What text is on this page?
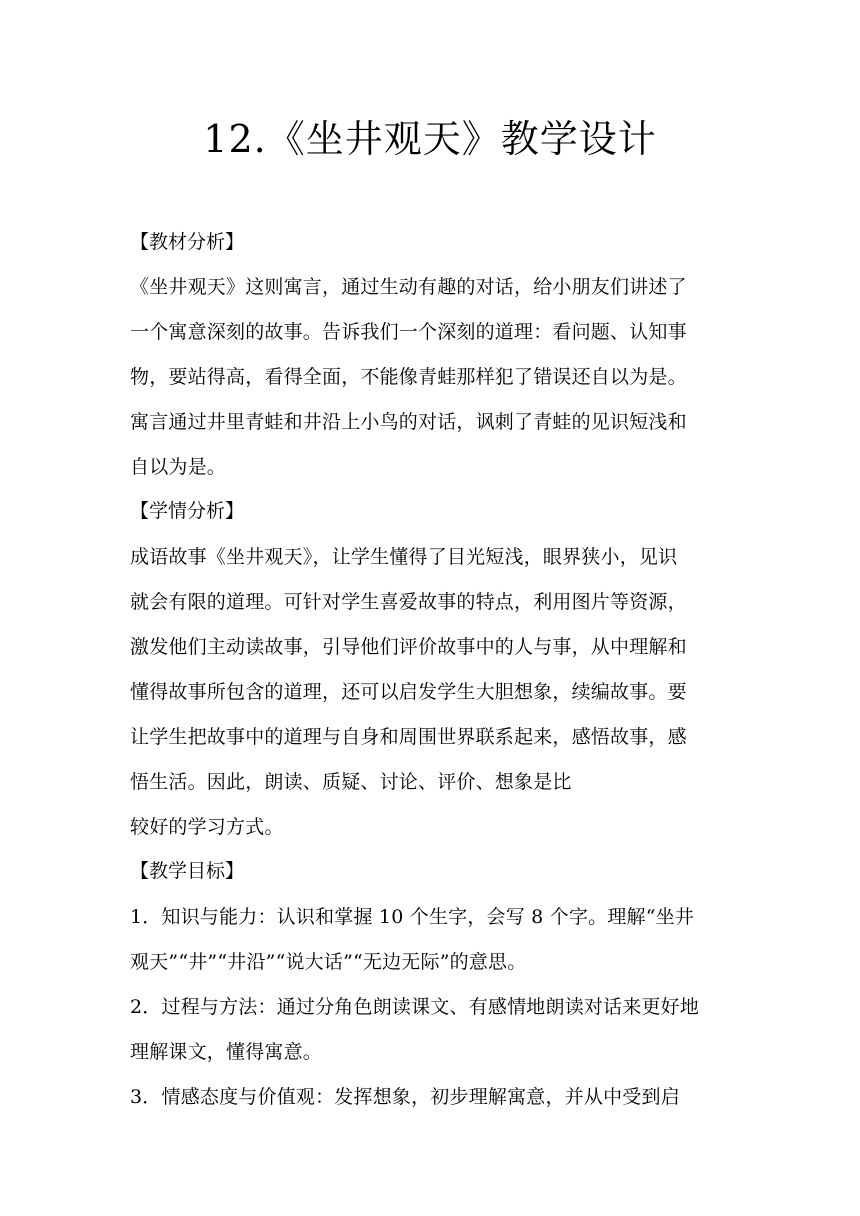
12.《坐井观天》教学设计
【教材分析】
《坐井观天》这则寓言，通过生动有趣的对话，给小朋友们讲述了
一个寓意深刻的故事。告诉我们一个深刻的道理：看问题、认知事
物，要站得高，看得全面，不能像青蛙那样犯了错误还自以为是。
寓言通过井里青蛙和井沿上小鸟的对话，讽刺了青蛙的见识短浅和
自以为是。
【学情分析】
成语故事《坐井观天》，让学生懂得了目光短浅，眼界狭小，见识
就会有限的道理。可针对学生喜爱故事的特点，利用图片等资源，
激发他们主动读故事，引导他们评价故事中的人与事，从中理解和
懂得故事所包含的道理，还可以启发学生大胆想象，续编故事。要
让学生把故事中的道理与自身和周围世界联系起来，感悟故事，感
悟生活。因此，朗读、质疑、讨论、评价、想象是比
较好的学习方式。
【教学目标】
1．知识与能力：认识和掌握 10 个生字，会写 8 个字。理解“坐井
观天”“井”“井沿”“说大话”“无边无际”的意思。
2．过程与方法：通过分角色朗读课文、有感情地朗读对话来更好地
理解课文，懂得寓意。
3．情感态度与价值观：发挥想象，初步理解寓意，并从中受到启
